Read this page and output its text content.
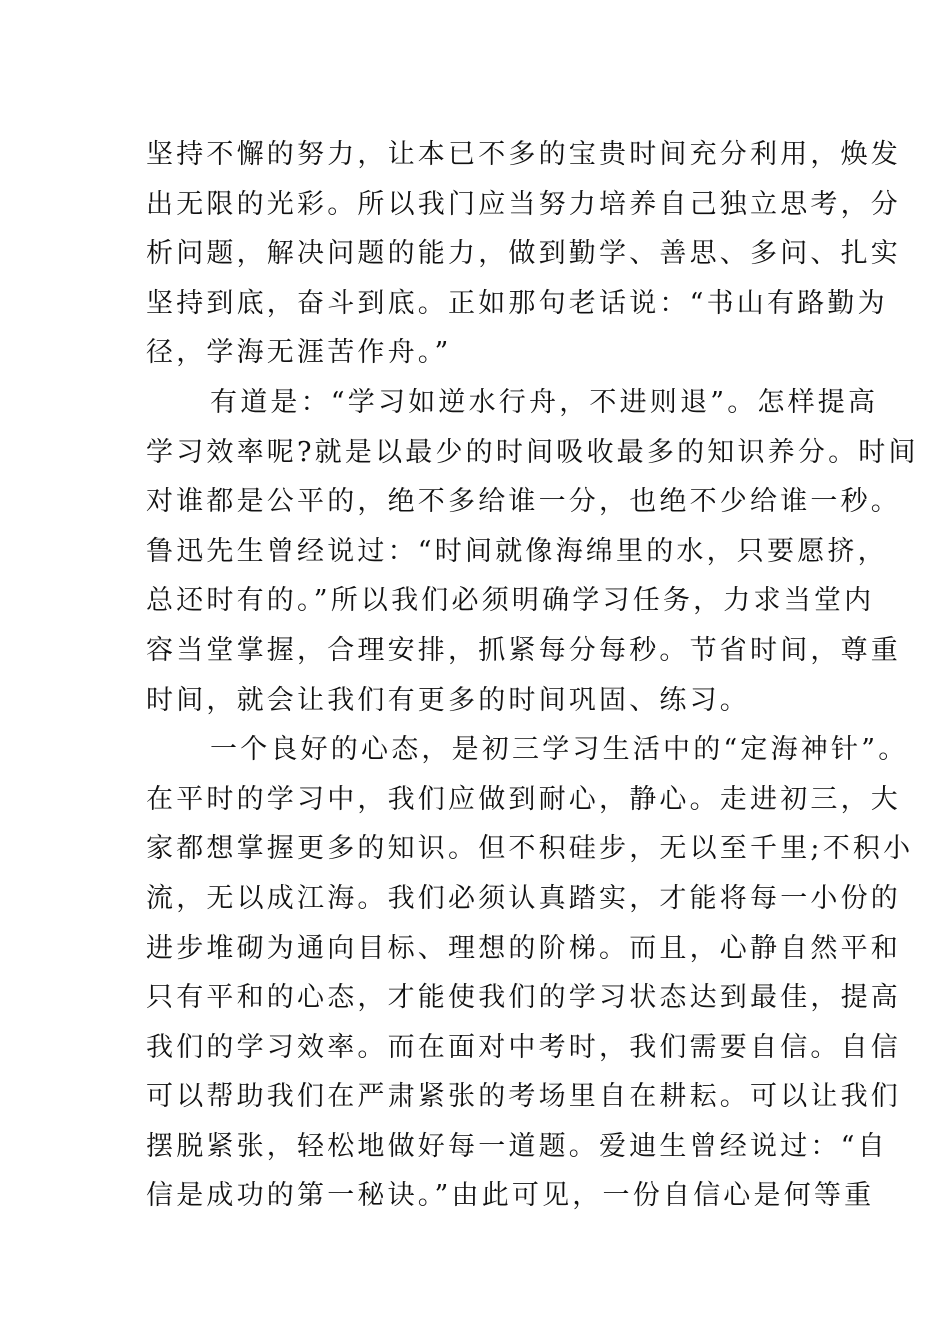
坚持不懈的努力，让本已不多的宝贵时间充分利用，焕发
出无限的光彩。所以我门应当努力培养自己独立思考，分
析问题，解决问题的能力，做到勤学、善思、多问、扎实
坚持到底，奋斗到底。正如那句老话说：“书山有路勤为
径，学海无涯苦作舟。”
有道是：“学习如逆水行舟，不进则退”。怎样提高
学习效率呢?就是以最少的时间吸收最多的知识养分。时间
对谁都是公平的，绝不多给谁一分，也绝不少给谁一秒。
鲁迅先生曾经说过：“时间就像海绵里的水，只要愿挤，
总还时有的。”所以我们必须明确学习任务，力求当堂内
容当堂掌握，合理安排，抓紧每分每秒。节省时间，尊重
时间，就会让我们有更多的时间巩固、练习。
一个良好的心态，是初三学习生活中的“定海神针”。
在平时的学习中，我们应做到耐心，静心。走进初三，大
家都想掌握更多的知识。但不积硅步，无以至千里;不积小
流，无以成江海。我们必须认真踏实，才能将每一小份的
进步堆砌为通向目标、理想的阶梯。而且，心静自然平和
只有平和的心态，才能使我们的学习状态达到最佳，提高
我们的学习效率。而在面对中考时，我们需要自信。自信
可以帮助我们在严肃紧张的考场里自在耕耘。可以让我们
摆脱紧张，轻松地做好每一道题。爱迪生曾经说过：“自
信是成功的第一秘诀。”由此可见，一份自信心是何等重
